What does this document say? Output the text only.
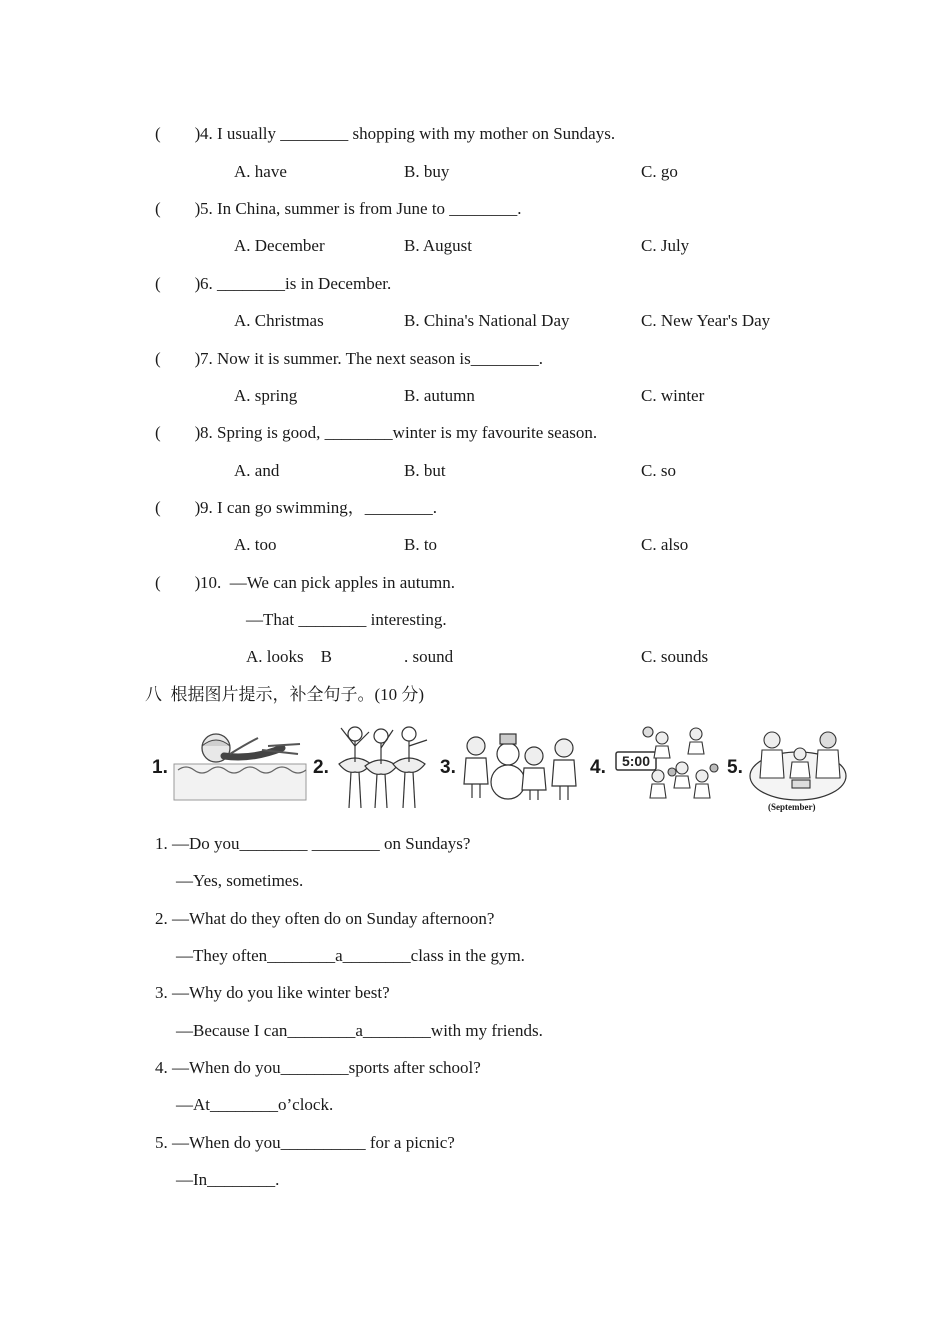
(        ) 4. I usually ________ shopping with my mother on Sundays.
A. have	B. buy	C. go
(        ) 5. In China, summer is from June to ________.
A. December	B. August	C. July
(        ) 6. ________is in December.
A. Christmas	B. China's National Day	C. New Year's Day
(        ) 7. Now it is summer. The next season is________.
A. spring	B. autumn	C. winter
(        ) 8. Spring is good, ________winter is my favourite season.
A. and	B. but	C. so
(        ) 9. I can go swimming，________.
A. too	B. to	C. also
(        ) 10.  —We can pick apples in autumn.
—That ________ interesting.
A. looks    B	. sound	C. sounds
八  根据图片提示，补全句子。(10 分)
1.	2.	3.	4. 5:00	5.
(September)
1. —Do you________ ________ on Sundays?
—Yes, sometimes.
2. —What do they often do on Sunday afternoon?
—They often________a________class in the gym.
3. —Why do you like winter best?
—Because I can________a________with my friends.
4. —When do you________sports after school?
—At________o’clock.
5. —When do you__________ for a picnic?
—In________.
